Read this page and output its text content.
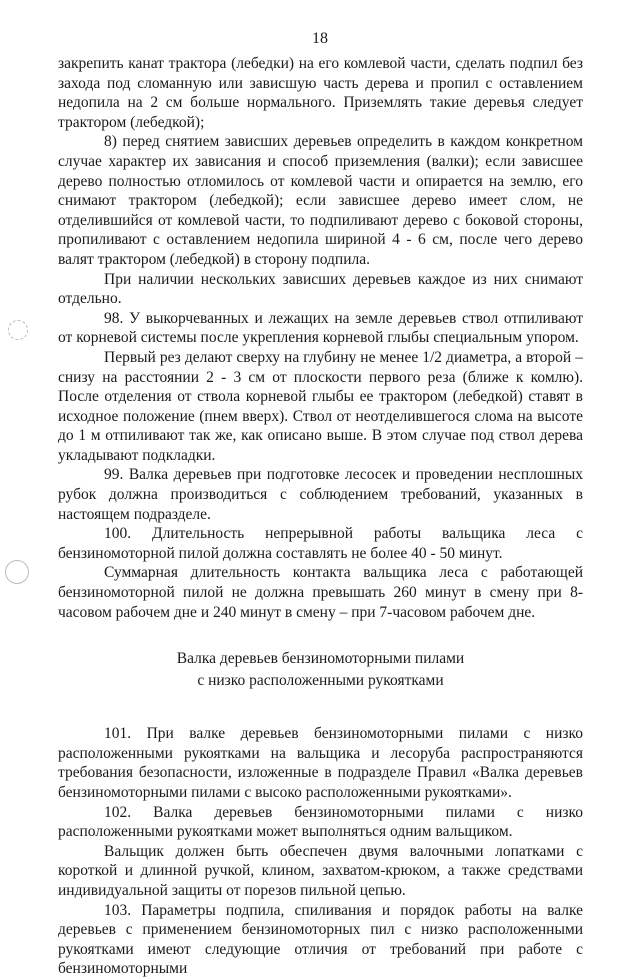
18

закрепить канат трактора (лебедки) на его комлевой части, сделать подпил без захода под сломанную или зависшую часть дерева и пропил с оставлением недопила на 2 см больше нормального. Приземлять такие деревья следует трактором (лебедкой);

8) перед снятием зависших деревьев определить в каждом конкретном случае характер их зависания и способ приземления (валки); если зависшее дерево полностью отломилось от комлевой части и опирается на землю, его снимают трактором (лебедкой); если зависшее дерево имеет слом, не отделившийся от комлевой части, то подпиливают дерево с боковой стороны, пропиливают с оставлением недопила шириной 4 - 6 см, после чего дерево валят трактором (лебедкой) в сторону подпила.

При наличии нескольких зависших деревьев каждое из них снимают отдельно.

98. У выкорчеванных и лежащих на земле деревьев ствол отпиливают от корневой системы после укрепления корневой глыбы специальным упором.

Первый рез делают сверху на глубину не менее 1/2 диаметра, а второй – снизу на расстоянии 2 - 3 см от плоскости первого реза (ближе к комлю). После отделения от ствола корневой глыбы ее трактором (лебедкой) ставят в исходное положение (пнем вверх). Ствол от неотделившегося слома на высоте до 1 м отпиливают так же, как описано выше. В этом случае под ствол дерева укладывают подкладки.

99. Валка деревьев при подготовке лесосек и проведении несплошных рубок должна производиться с соблюдением требований, указанных в настоящем подразделе.

100. Длительность непрерывной работы вальщика леса с бензиномоторной пилой должна составлять не более 40 - 50 минут.

Суммарная длительность контакта вальщика леса с работающей бензиномоторной пилой не должна превышать 260 минут в смену при 8-часовом рабочем дне и 240 минут в смену – при 7-часовом рабочем дне.

Валка деревьев бензиномоторными пилами
с низко расположенными рукоятками

101. При валке деревьев бензиномоторными пилами с низко расположенными рукоятками на вальщика и лесоруба распространяются требования безопасности, изложенные в подразделе Правил «Валка деревьев бензиномоторными пилами с высоко расположенными рукоятками».

102. Валка деревьев бензиномоторными пилами с низко расположенными рукоятками может выполняться одним вальщиком.

Вальщик должен быть обеспечен двумя валочными лопатками с короткой и длинной ручкой, клином, захватом-крюком, а также средствами индивидуальной защиты от порезов пильной цепью.

103. Параметры подпила, спиливания и порядок работы на валке деревьев с применением бензиномоторных пил с низко расположенными рукоятками имеют следующие отличия от требований при работе с бензиномоторными
